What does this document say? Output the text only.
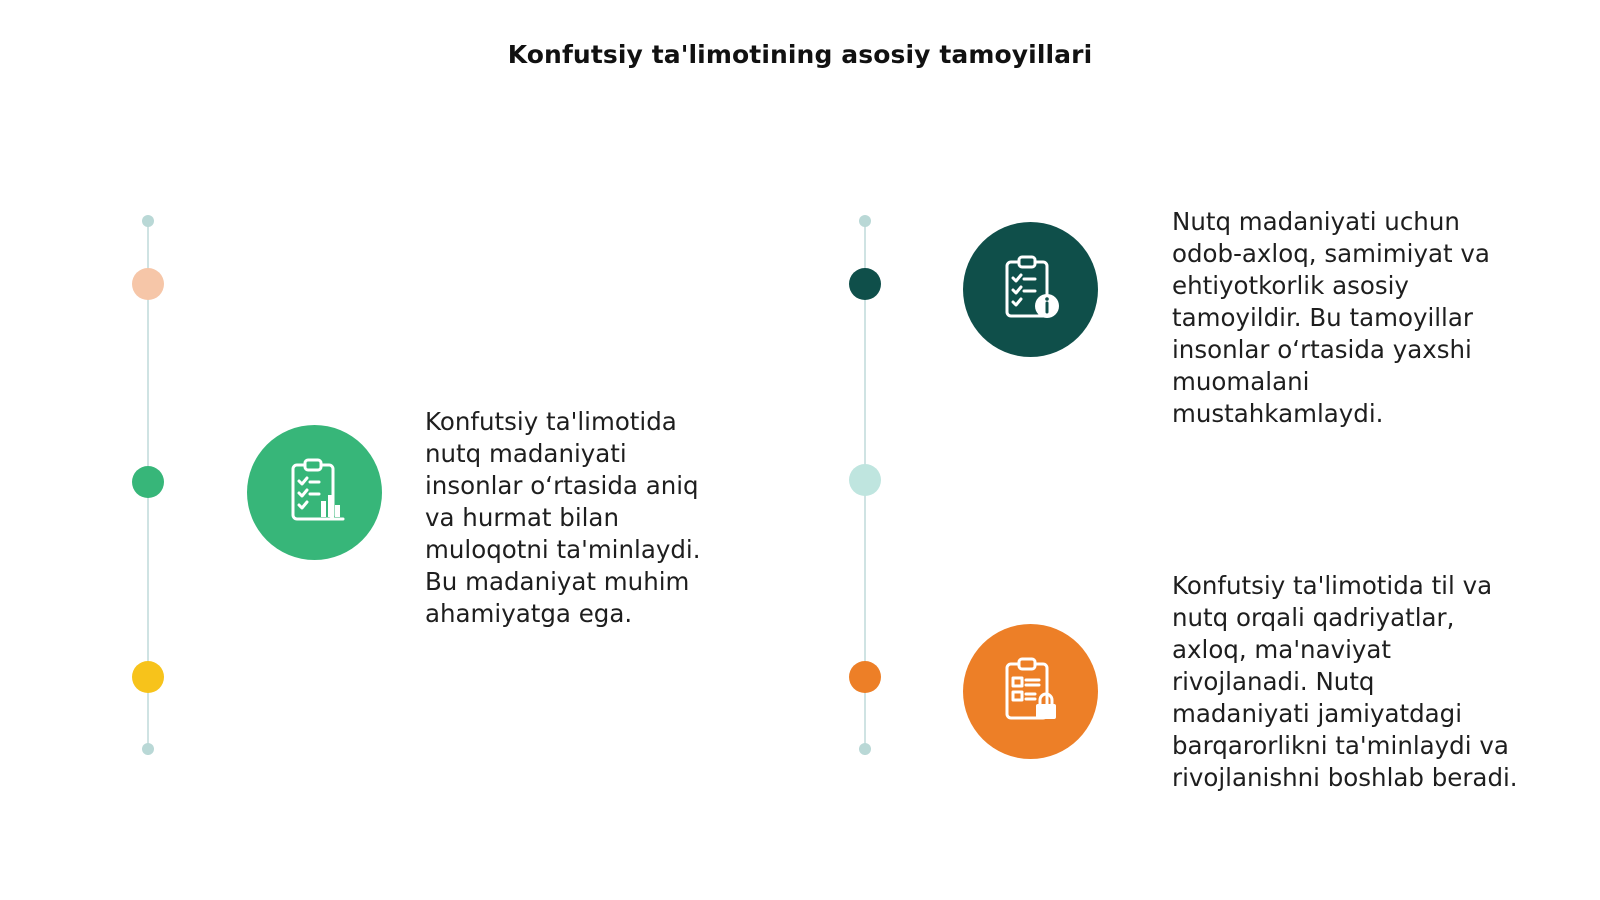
Konfutsiy ta'limotining asosiy tamoyillari
Konfutsiy ta'limotida
nutq madaniyati
insonlar o‘rtasida aniq
va hurmat bilan
muloqotni ta'minlaydi.
Bu madaniyat muhim
ahamiyatga ega.
Nutq madaniyati uchun
odob-axloq, samimiyat va
ehtiyotkorlik asosiy
tamoyildir. Bu tamoyillar
insonlar o‘rtasida yaxshi
muomalani
mustahkamlaydi.
Konfutsiy ta'limotida til va
nutq orqali qadriyatlar,
axloq, ma'naviyat
rivojlanadi. Nutq
madaniyati jamiyatdagi
barqarorlikni ta'minlaydi va
rivojlanishni boshlab beradi.
